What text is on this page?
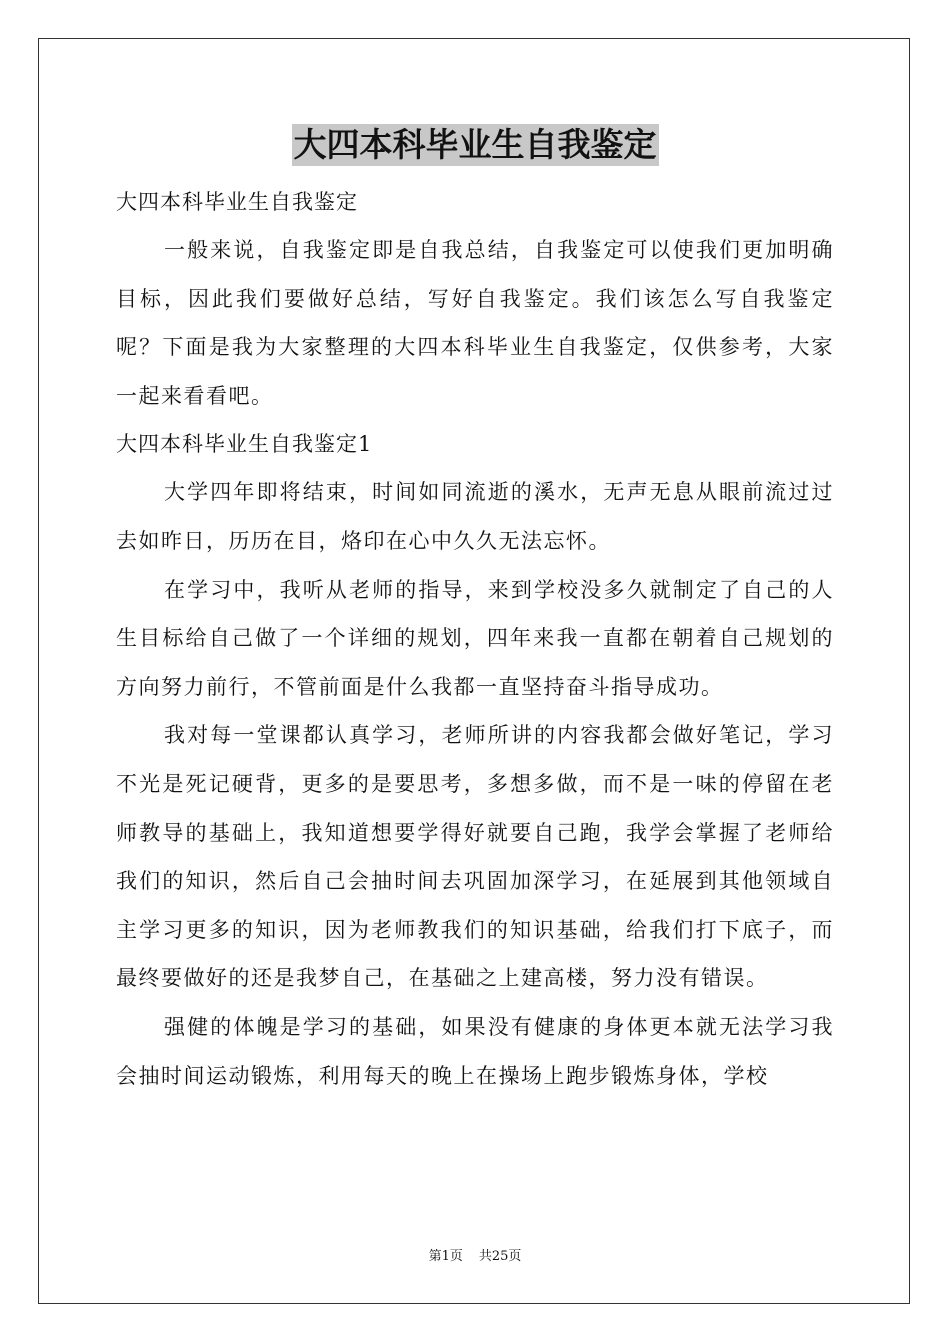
大四本科毕业生自我鉴定

大四本科毕业生自我鉴定

一般来说，自我鉴定即是自我总结，自我鉴定可以使我们更加明确目标，因此我们要做好总结，写好自我鉴定。我们该怎么写自我鉴定呢？下面是我为大家整理的大四本科毕业生自我鉴定，仅供参考，大家一起来看看吧。

大四本科毕业生自我鉴定1

大学四年即将结束，时间如同流逝的溪水，无声无息从眼前流过过去如昨日，历历在目，烙印在心中久久无法忘怀。

在学习中，我听从老师的指导，来到学校没多久就制定了自己的人生目标给自己做了一个详细的规划，四年来我一直都在朝着自己规划的方向努力前行，不管前面是什么我都一直坚持奋斗指导成功。

我对每一堂课都认真学习，老师所讲的内容我都会做好笔记，学习不光是死记硬背，更多的是要思考，多想多做，而不是一味的停留在老师教导的基础上，我知道想要学得好就要自己跑，我学会掌握了老师给我们的知识，然后自己会抽时间去巩固加深学习，在延展到其他领域自主学习更多的知识，因为老师教我们的知识基础，给我们打下底子，而最终要做好的还是我梦自己，在基础之上建高楼，努力没有错误。

强健的体魄是学习的基础，如果没有健康的身体更本就无法学习我会抽时间运动锻炼，利用每天的晚上在操场上跑步锻炼身体，学校

第1页 共25页
